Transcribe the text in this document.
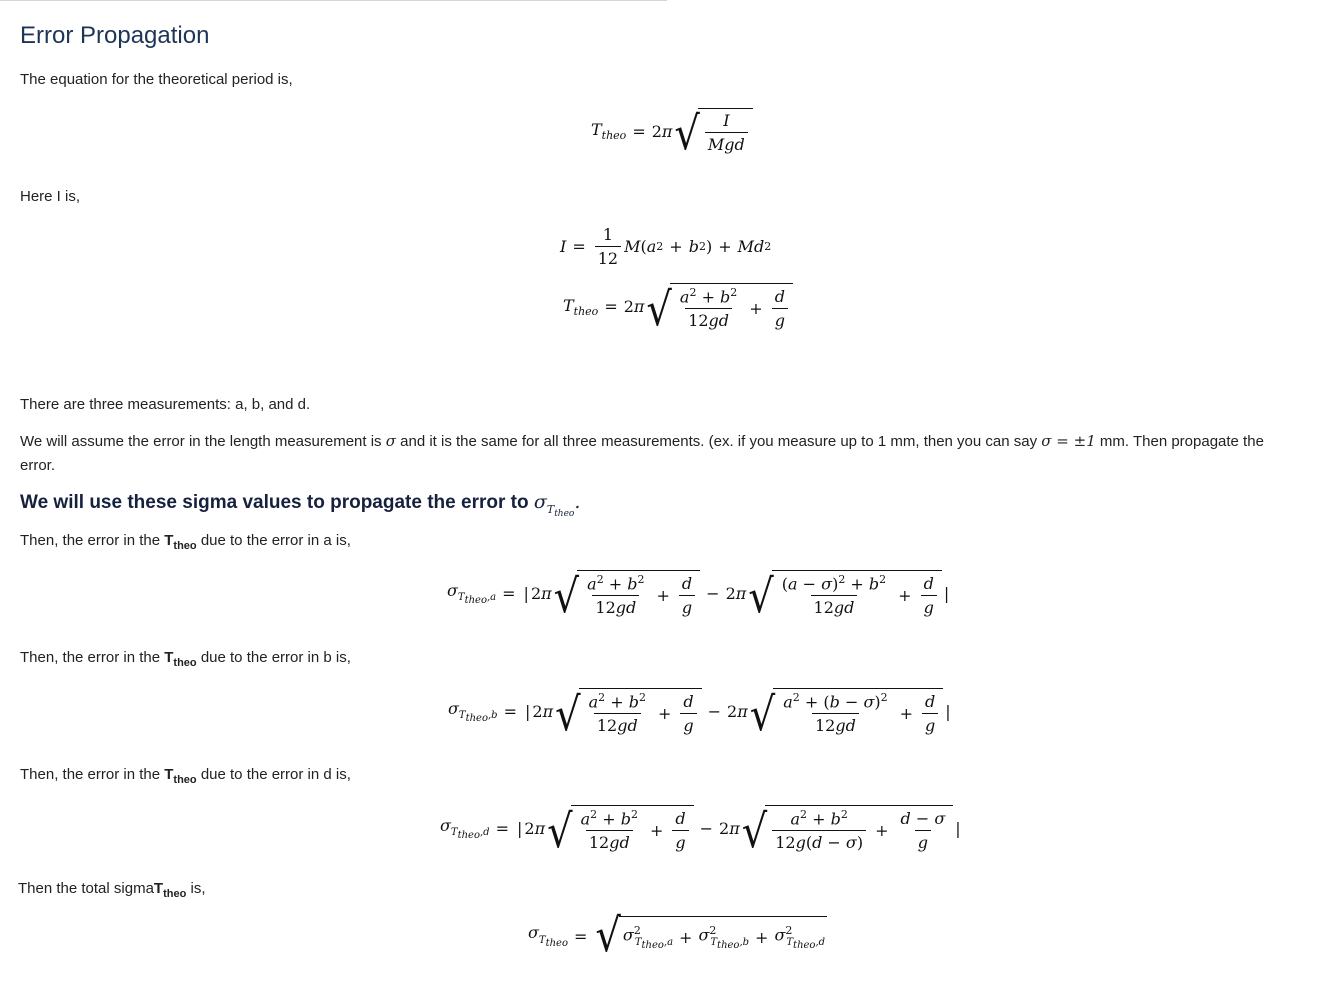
Error Propagation
The equation for the theoretical period is,
$T_{theo} = 2$ π √ $\frac{I}{\text{Mgd}}$
Here I is,
$I = \frac{1}{12}$ M ( a 2 + b 2 ) + Md 2
$T_{theo} = 2$ π √ $\frac{a^2 + b^2}{12gd} + \frac{d}{g}$
There are three measurements: a, b, and d.
We will assume the error in the length measurement is σ and it is the same for all three measurements. (ex. if you measure up to 1 mm, then you can say σ = ±1 mm. Then propagate the
error.
We will use these sigma values to propagate the error to $\sigma_{T_{theo}}$.
Then, the error in the $T_{theo}$ due to the error in a is,
$\sigma_{T_{theo},a}$ = | 2 π √ $\frac{a^2 + b^2}{12gd} + \frac{d}{g} - 2$ π √ $\frac{(a - \sigma)^2 + b^2}{12gd} + \frac{d}{g}$ |
Then, the error in the $T_{theo}$ due to the error in b is,
$\sigma_{T_{theo},b}$ = | 2 π √ $\frac{a^2 + b^2}{12gd} + \frac{d}{g} - 2$ π √ $\frac{a^2 + (b - \sigma)^2}{12gd} + \frac{d}{g}$ |
Then, the error in the $T_{theo}$ due to the error in d is,
$\sigma_{T_{theo},d}$ = | 2 π √ $\frac{a^2 + b^2}{12gd} + \frac{d}{g} - 2$ π √ $\frac{a^2 + b^2}{12g(d - \sigma)} + \frac{d - \sigma}{g}$ |
Then the total sigmaT$_{theo}$ is,
$\sigma_{T_{theo}}$ = √ $\sigma^2_{T_{theo},a} + \sigma^2_{T_{theo},b} + \sigma^2_{T_{theo},d}$
